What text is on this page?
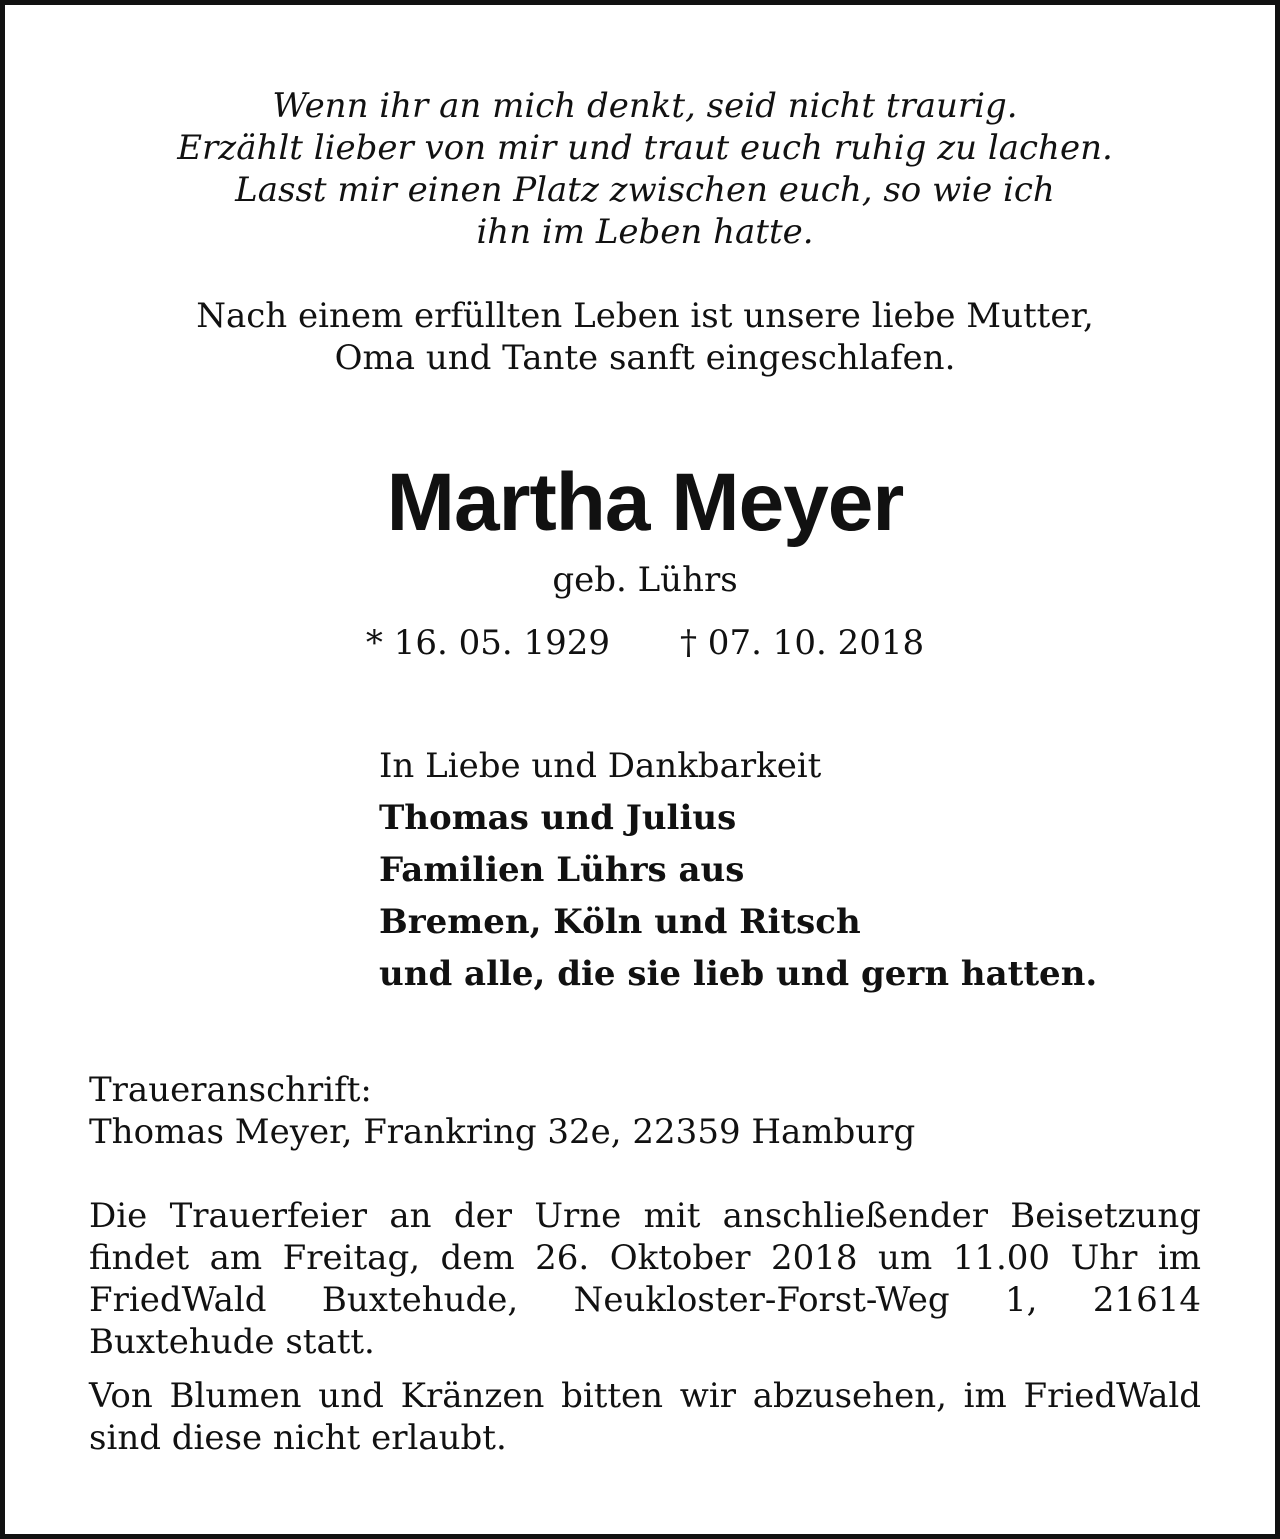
Wenn ihr an mich denkt, seid nicht traurig.
Erzählt lieber von mir und traut euch ruhig zu lachen.
Lasst mir einen Platz zwischen euch, so wie ich
ihn im Leben hatte.
Nach einem erfüllten Leben ist unsere liebe Mutter,
Oma und Tante sanft eingeschlafen.
Martha Meyer
geb. Lührs
* 16. 05. 1929 † 07. 10. 2018
In Liebe und Dankbarkeit
Thomas und Julius
Familien Lührs aus
Bremen, Köln und Ritsch
und alle, die sie lieb und gern hatten.
Traueranschrift:
Thomas Meyer, Frankring 32e, 22359 Hamburg
Die Trauerfeier an der Urne mit anschließender Beisetzung findet am Freitag, dem 26. Oktober 2018 um 11.00 Uhr im FriedWald Buxtehude, Neukloster-Forst-Weg 1, 21614 Buxtehude statt.
Von Blumen und Kränzen bitten wir abzusehen, im FriedWald sind diese nicht erlaubt.
